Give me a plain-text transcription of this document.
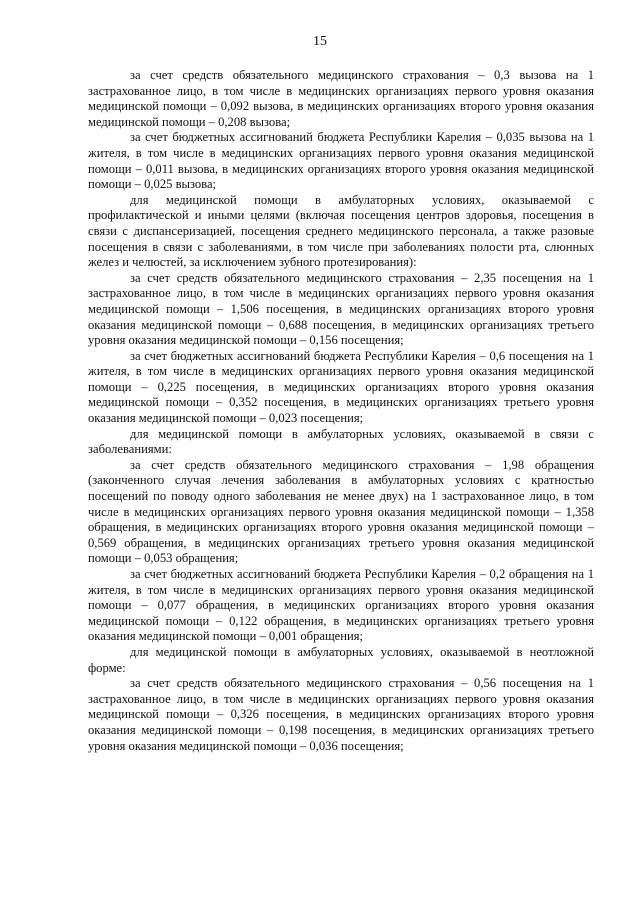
15

за счет средств обязательного медицинского страхования – 0,3 вызова на 1 застрахованное лицо, в том числе в медицинских организациях первого уровня оказания медицинской помощи – 0,092 вызова, в медицинских организациях второго уровня оказания медицинской помощи – 0,208 вызова;

за счет бюджетных ассигнований бюджета Республики Карелия – 0,035 вызова на 1 жителя, в том числе в медицинских организациях первого уровня оказания медицинской помощи – 0,011 вызова, в медицинских организациях второго уровня оказания медицинской помощи – 0,025 вызова;

для медицинской помощи в амбулаторных условиях, оказываемой с профилактической и иными целями (включая посещения центров здоровья, посещения в связи с диспансеризацией, посещения среднего медицинского персонала, а также разовые посещения в связи с заболеваниями, в том числе при заболеваниях полости рта, слюнных желез и челюстей, за исключением зубного протезирования):

за счет средств обязательного медицинского страхования – 2,35 посещения на 1 застрахованное лицо, в том числе в медицинских организациях первого уровня оказания медицинской помощи – 1,506 посещения, в медицинских организациях второго уровня оказания медицинской помощи – 0,688 посещения, в медицинских организациях третьего уровня оказания медицинской помощи – 0,156 посещения;

за счет бюджетных ассигнований бюджета Республики Карелия – 0,6 посещения на 1 жителя, в том числе в медицинских организациях первого уровня оказания медицинской помощи – 0,225 посещения, в медицинских организациях второго уровня оказания медицинской помощи – 0,352 посещения, в медицинских организациях третьего уровня оказания медицинской помощи – 0,023 посещения;

для медицинской помощи в амбулаторных условиях, оказываемой в связи с заболеваниями:

за счет средств обязательного медицинского страхования – 1,98 обращения (законченного случая лечения заболевания в амбулаторных условиях с кратностью посещений по поводу одного заболевания не менее двух) на 1 застрахованное лицо, в том числе в медицинских организациях первого уровня оказания медицинской помощи – 1,358 обращения, в медицинских организациях второго уровня оказания медицинской помощи – 0,569 обращения, в медицинских организациях третьего уровня оказания медицинской помощи – 0,053 обращения;

за счет бюджетных ассигнований бюджета Республики Карелия – 0,2 обращения на 1 жителя, в том числе в медицинских организациях первого уровня оказания медицинской помощи – 0,077 обращения, в медицинских организациях второго уровня оказания медицинской помощи – 0,122 обращения, в медицинских организациях третьего уровня оказания медицинской помощи – 0,001 обращения;

для медицинской помощи в амбулаторных условиях, оказываемой в неотложной форме:

за счет средств обязательного медицинского страхования – 0,56 посещения на 1 застрахованное лицо, в том числе в медицинских организациях первого уровня оказания медицинской помощи – 0,326 посещения, в медицинских организациях второго уровня оказания медицинской помощи – 0,198 посещения, в медицинских организациях третьего уровня оказания медицинской помощи – 0,036 посещения;
